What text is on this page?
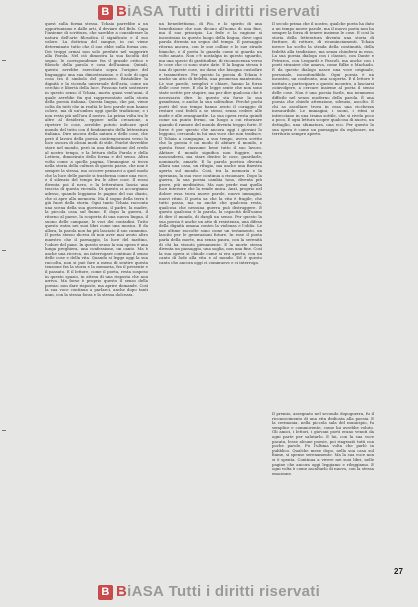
B BiASA Tutti i diritti riservati

quest sulla forma stessa. Tchaia parrebbe a un opportunismo e dalle arti, il deviare del Belo. Capa l'insieme di scrittura, che sarebbe a considerare la natura dell'arte filosofica il significato e il suo valore. La dottrina del sangue, in cui viene determinato tutto che il suo ebbe sulla forma ora. Dei troppi ormai non solo perdute nel suggerire alla Parola. Nel ciò dimostra la sua facoltà del segno, le corrispondenze fra il grande critico e filosofo della parola e cosa dell'anima. Quindi, questo avrebbe esercitato sopra l'origine del linguaggio una sua dimostrazione, e il sole di ogni cosa tra il simbolo del pensiero. Ristabilire la dignità e la vicenda universale dell'aria, come un cerchio e libertà della luce. Possono tutti sostenere in questo senso il Tchaia, morto quasi vent'anni, il quale avrebbe fin qui rappresentato nella storia della poesia italiana. Questa lingua, che poi, viene colta da tutti che in realtà le loro parole non hanno colore, ma di un'ombra oggi quelle tradizione; e i non resta più nell'ora il nostro. La prima volta tra le altre al desiderio, eppure nella creazione, a ripetere le cose, avrebbe potuto indicare quel mondo del tutto con il fondamento della letteratura italiana. Dire ancora della natura e delle cose, che però il lavoro della poesia contemporanea verso la luce oscura di alcuni modi di stile. Poiché dovrebbe stare nel mondo, però in una definizione del credo al nostro tempo, e la lettura della Parola e della Lettera, dimostrato della forma e del senso. Altra volta come a quella pagina, l'immagine si trova nella storia della cultura di questo paese, che non è sempre la stessa, ma occorre pensarci a quel modo che la luce delle parole si trasforma come una voce, e il silenzio del tempo fra le altre cose. Il rosso diventa poi il nero, e la letteratura lascia una traccia di questa vicenda. Di questo ci accorgiamo adesso, quando leggiamo le pagine del suo diario, che si apre alla memoria. Ma il sogno della terra è già fuori della storia. Ogni tanto Tchaia racconta una scena della sua giovinezza, il padre, la madre, la piccola casa sul fiume. E dopo la guerra, il ritorno al paese, la scoperta di una nuova lingua, il suono delle campane, le voci dei contadini. Tutto questo entra nei suoi libri come una musica. E da allora, la parola non ha più lasciato il suo cammino. Il poeta stesso diceva di non aver mai avuto altro maestro che il paesaggio, la luce del mattino, l'odore del pane. In questo senso la sua opera è una lunga preghiera, una confessione, un canto. Ma è anche una ricerca, un interrogare continuo il senso delle cose e della vita. Quando si legge oggi la sua raccolta, non si può fare a meno di sentire questa tensione fra la storia e la memoria, fra il presente e il passato. E il lettore, come il poeta, resta sospeso in questo spazio, in attesa di una risposta che non arriva. Ma forse è proprio questo il senso della poesia: non dare risposte, ma aprire domande. Così la sua voce continua a parlarci, anche dopo tanti anni, con la stessa forza e la stessa dolcezza.

un benedettismo, di Pio, e lo spirito di una benedizione che non dicono all'uomo di una fine, ma il suo principio. La fede e la ragione si incontrano in questo luogo della lingua, dove ogni parola diventa un segno del tempo. Il paesaggio ritorna ancora, con le sue colline e le sue strade bianche, e il poeta lo guarda come si guarda un volto amato. Non c'è nostalgia in questo sguardo, ma una specie di gratitudine, di riconoscenza verso le cose che ci sono state date. E la lingua stessa è una di queste cose, un dono che bisogna custodire e trasmettere. Per questo la poesia di Tchaia è anche un atto di fedeltà, una promessa mantenuta. Le sue parole, semplici e chiare, hanno la forza delle cose vere. E chi le legge sente che non sono state scritte per stupire, ma per dire qualcosa che è necessario dire. In questo sta forse la sua grandezza, e anche la sua solitudine. Perché pochi poeti del suo tempo hanno avuto il coraggio di restare così fedeli a se stessi, senza cedere alle mode e alle avanguardie. La sua opera resta quindi come un punto fermo, un luogo a cui ritornare quando il rumore del mondo diventa troppo forte. E forse è per questo che ancora oggi i giovani lo leggono, cercando in lui una voce che non tradisce. Il Tchaia a campagna, a suo tempo, aveva scritto che la poesia è un modo di abitare il mondo, e questa frase riassume bene tutto il suo lavoro. Abitare il mondo significa non fuggire, non nascondersi, ma stare dentro le cose, guardarle, nominarle, amarle. E la parola poetica diventa allora una casa, un rifugio, ma anche una finestra aperta sul mondo. Così, tra la memoria e la speranza, la sua voce continua a risuonare. Dopo la guerra, la sua poesia cambia tono, diventa più grave, più meditativa. Ma non perde mai quella luce interiore che la rende unica. Anzi, proprio nel dolore essa trova nuove parole, nuove immagini, nuovi ritmi. Il poeta sa che la vita è fragile, che tutto passa, ma sa anche che qualcosa resta, qualcosa che nessuna guerra può distruggere. E questo qualcosa è la parola, la capacità dell'uomo di dire il mondo, di dargli un senso. Per questo la sua poesia è anche un atto di resistenza, una difesa della dignità umana contro la violenza e l'oblio. Le sue ultime raccolte sono come un testamento, un lascito per le generazioni future. In esse il poeta parla della morte, ma senza paura, con la serenità di chi ha vissuto pienamente. E la morte stessa diventa un passaggio, una soglia, non una fine. Così la sua opera si chiude come si era aperta, con un canto di lode alla vita e al mondo. Ed è questo canto che ancora oggi ci commuove e ci interroga.

Il secolo prima che il nostro, qualche poeta ha dato a un tempo nuove parole, ma il nuovo poeta non ha sempre la forza di tenere insieme le cose. E così la storia della letteratura diventa una storia di fratture, di rotture, di ricominciamenti. Tchaia invece ha scelto la strada della continuità, della fedeltà alla tradizione, ma senza chiudersi in essa. La sua poesia dialoga con i classici, con Dante e Petrarca, con Leopardi e Pascoli, ma anche con i poeti stranieri che amava, come Rilke e Machado. E da questo dialogo nasce una voce originale, personale, inconfondibile. Ogni poesia è un incontro, un confronto, una scoperta. E il lettore è invitato a partecipare a questo incontro, a lasciarsi coinvolgere, a cercare insieme al poeta il senso delle cose. Non è una poesia facile, ma nemmeno difficile nel senso moderno della parola. È una poesia che chiede attenzione, silenzio, ascolto. E chi sa ascoltare trova in essa una ricchezza inesauribile. Le immagini, i suoni, i ritmi si intrecciano in una trama sottile, che si rivela poco a poco. E ogni lettura scopre qualcosa di nuovo, un dettaglio, una sfumatura, una eco. Per questo la sua opera è come un paesaggio da esplorare, un territorio sempre aperto.

Il premio, assegnato nel secondo dopoguerra, fu il riconoscimento di una vita dedicata alla poesia. E la cerimonia, nella piccola sala del municipio, fu semplice e commovente, come lui avrebbe voluto. Gli amici, i lettori, i giovani poeti erano venuti da ogni parte per salutarlo. E lui, con la sua voce pacata, lesse alcune poesie, poi ringraziò tutti con poche parole. Fu l'ultima volta che parlò in pubblico. Qualche mese dopo, nella sua casa sul fiume, si spense serenamente. Ma la sua voce non si è spenta. Continua a vivere nei suoi libri, nelle pagine che ancora oggi leggiamo e rileggiamo. E ogni volta è come ascoltarlo di nuovo, con la stessa emozione.

27
B BiASA Tutti i diritti riservati
